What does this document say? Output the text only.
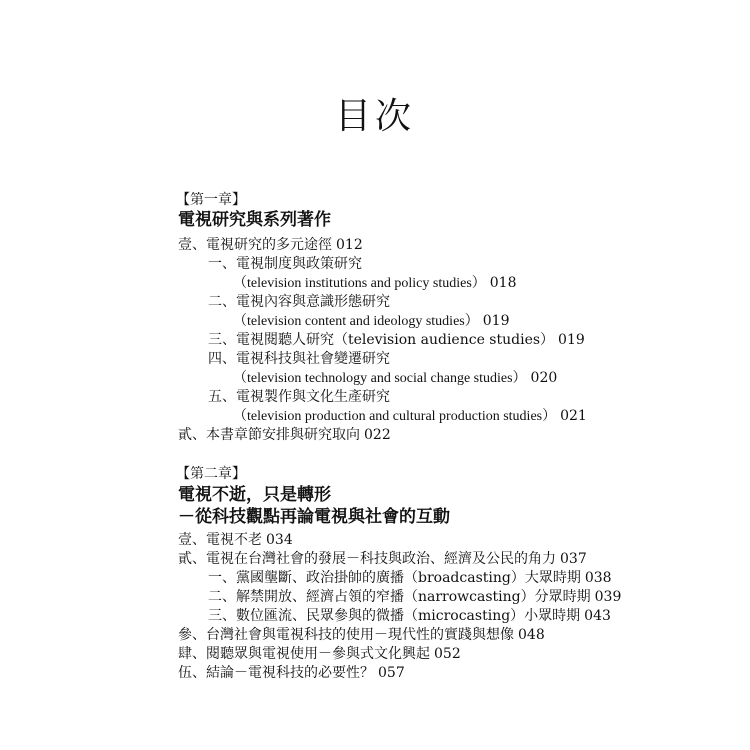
目次
【第一章】
電視研究與系列著作
壹、電視研究的多元途徑 012
一、電視制度與政策研究
（television institutions and policy studies） 018
二、電視內容與意識形態研究
（television content and ideology studies） 019
三、電視閱聽人研究（television audience studies） 019
四、電視科技與社會變遷研究
（television technology and social change studies） 020
五、電視製作與文化生產研究
（television production and cultural production studies） 021
貳、本書章節安排與研究取向 022
【第二章】
電視不逝，只是轉形
－從科技觀點再論電視與社會的互動
壹、電視不老 034
貳、電視在台灣社會的發展－科技與政治、經濟及公民的角力 037
一、黨國壟斷、政治掛帥的廣播（broadcasting）大眾時期 038
二、解禁開放、經濟占領的窄播（narrowcasting）分眾時期 039
三、數位匯流、民眾參與的微播（microcasting）小眾時期 043
參、台灣社會與電視科技的使用－現代性的實踐與想像 048
肆、閱聽眾與電視使用－參與式文化興起 052
伍、結論－電視科技的必要性？ 057
